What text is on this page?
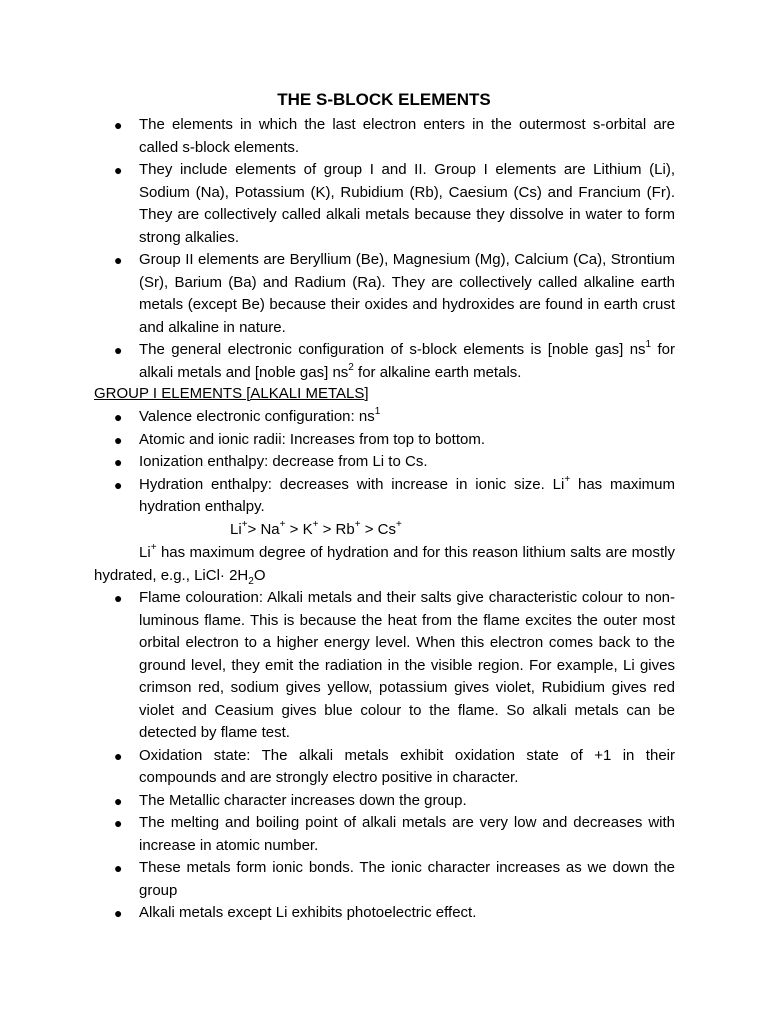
THE S-BLOCK ELEMENTS
● The elements in which the last electron enters in the outermost s-orbital are called s-block elements.
● They include elements of group I and II. Group I elements are Lithium (Li), Sodium (Na), Potassium (K), Rubidium (Rb), Caesium (Cs) and Francium (Fr). They are collectively called alkali metals because they dissolve in water to form strong alkalies.
● Group II elements are Beryllium (Be), Magnesium (Mg), Calcium (Ca), Strontium (Sr), Barium (Ba) and Radium (Ra). They are collectively called alkaline earth metals (except Be) because their oxides and hydroxides are found in earth crust and alkaline in nature.
● The general electronic configuration of s-block elements is [noble gas] $ns^1$ for alkali metals and [noble gas] $ns^2$ for alkaline earth metals.
GROUP I ELEMENTS [ALKALI METALS]
● Valence electronic configuration: $ns^1$
● Atomic and ionic radii: Increases from top to bottom.
● Ionization enthalpy: decrease from Li to Cs.
● Hydration enthalpy: decreases with increase in ionic size. Li+ has maximum hydration enthalpy.
Li+> Na+ > K+ > Rb+ > Cs+
Li+ has maximum degree of hydration and for this reason lithium salts are mostly hydrated, e.g., LiCl· $2H_2O$
● Flame colouration: Alkali metals and their salts give characteristic colour to non-luminous flame. This is because the heat from the flame excites the outer most orbital electron to a higher energy level. When this electron comes back to the ground level, they emit the radiation in the visible region. For example, Li gives crimson red, sodium gives yellow, potassium gives violet, Rubidium gives red violet and Ceasium gives blue colour to the flame. So alkali metals can be detected by flame test.
● Oxidation state: The alkali metals exhibit oxidation state of +1 in their compounds and are strongly electro positive in character.
● The Metallic character increases down the group.
● The melting and boiling point of alkali metals are very low and decreases with increase in atomic number.
● These metals form ionic bonds. The ionic character increases as we down the group
● Alkali metals except Li exhibits photoelectric effect.
